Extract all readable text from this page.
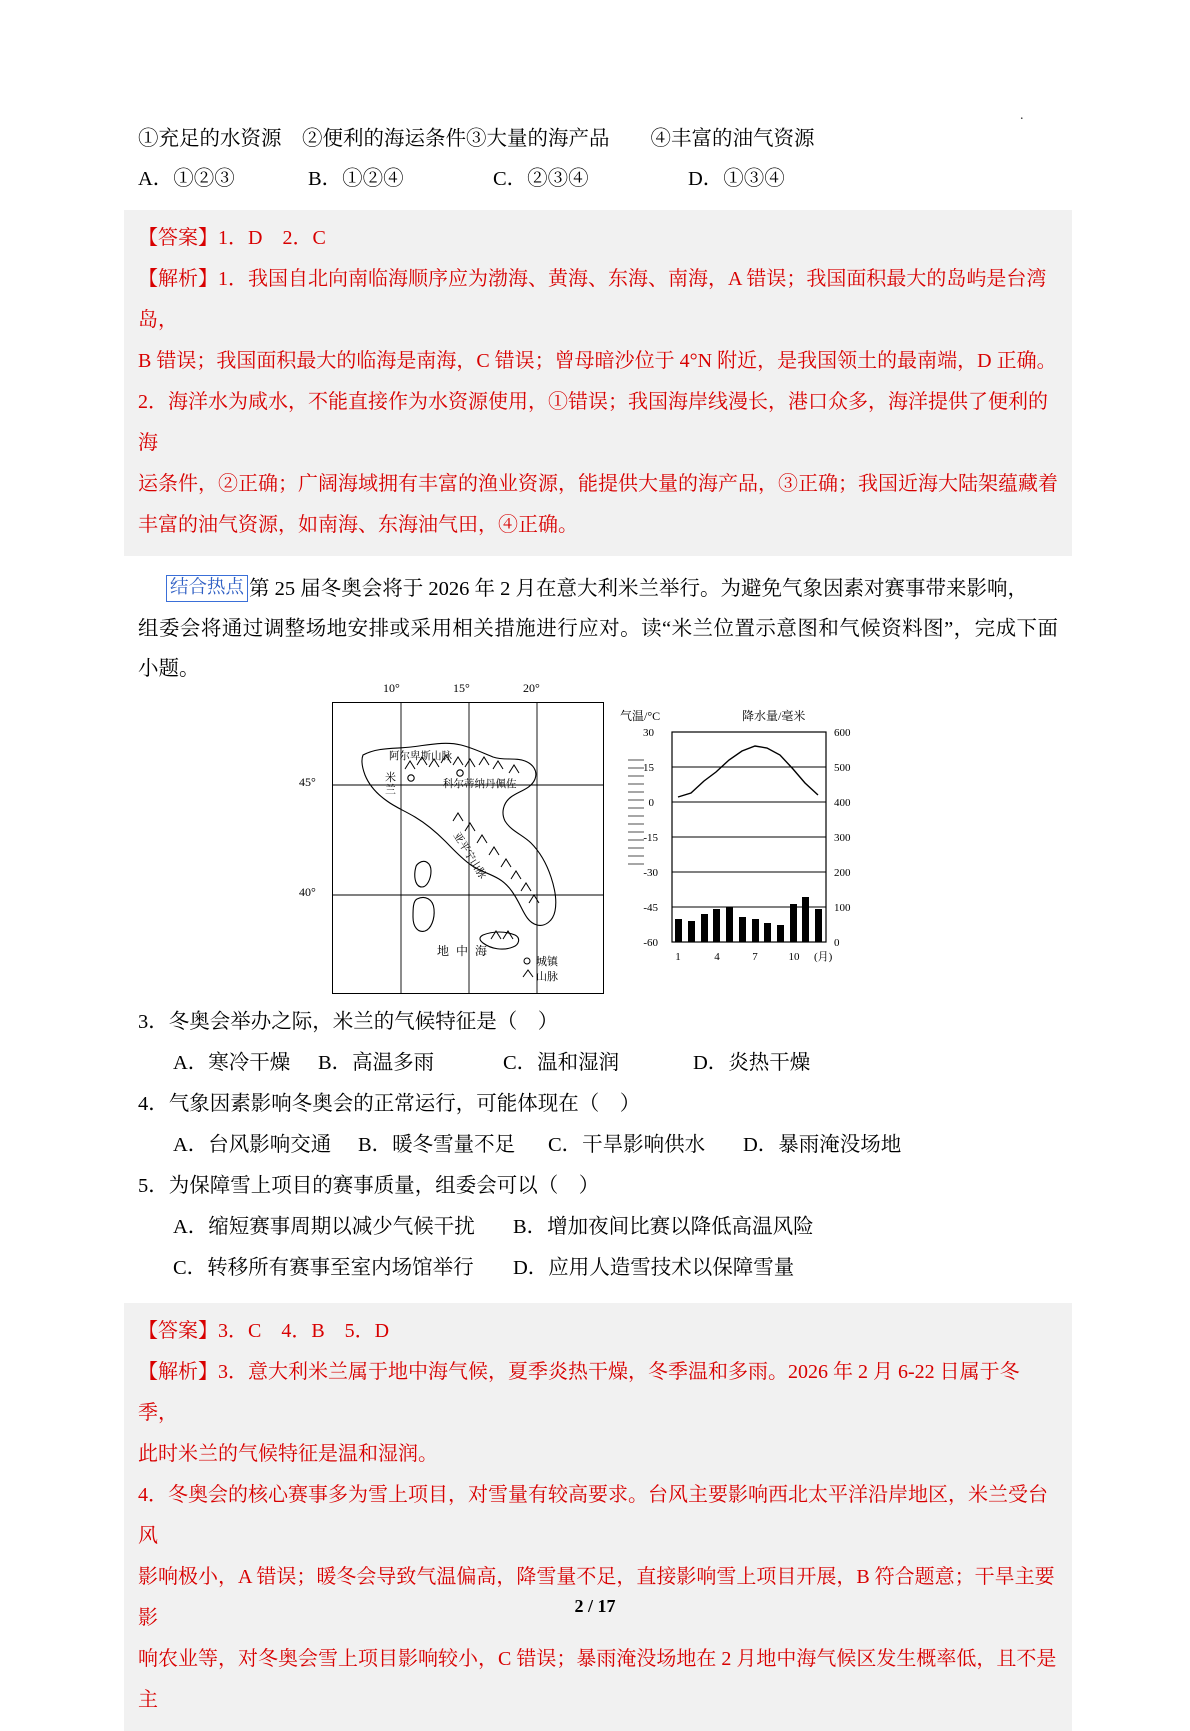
.
①充足的水资源    ②便利的海运条件③大量的海产品        ④丰富的油气资源
A．①②③	B．①②④	C．②③④	D．①③④
【答案】1．D    2．C
【解析】1．我国自北向南临海顺序应为渤海、黄海、东海、南海，A 错误；我国面积最大的岛屿是台湾岛，
B 错误；我国面积最大的临海是南海，C 错误；曾母暗沙位于 4°N 附近，是我国领土的最南端，D 正确。
2．海洋水为咸水，不能直接作为水资源使用，①错误；我国海岸线漫长，港口众多，海洋提供了便利的海
运条件，②正确；广阔海域拥有丰富的渔业资源，能提供大量的海产品，③正确；我国近海大陆架蕴藏着
丰富的油气资源，如南海、东海油气田，④正确。
结合热点 第 25 届冬奥会将于 2026 年 2 月在意大利米兰举行。为避免气象因素对赛事带来影响，
组委会将通过调整场地安排或采用相关措施进行应对。读“米兰位置示意图和气候资料图”，完成下面小题。
阿尔卑斯山脉
米
兰	科尔蒂纳丹佩佐
亚平宁山脉
地 中 海
城镇
山脉
10°	15°	20°
45°
40°
气温/°C	降水量/毫米
30
15
0
-15
-30
-45
-60
600
500
400
300
200
100
0
1	4	7	10 (月)
3．冬奥会举办之际，米兰的气候特征是（　）
A．寒冷干燥	B．高温多雨	C．温和湿润	D．炎热干燥
4．气象因素影响冬奥会的正常运行，可能体现在（　）
A．台风影响交通	B．暖冬雪量不足	C．干旱影响供水	D．暴雨淹没场地
5．为保障雪上项目的赛事质量，组委会可以（　）
A．缩短赛事周期以减少气候干扰	B．增加夜间比赛以降低高温风险
C．转移所有赛事至室内场馆举行	D．应用人造雪技术以保障雪量
【答案】3．C    4．B    5．D
【解析】3．意大利米兰属于地中海气候，夏季炎热干燥，冬季温和多雨。2026 年 2 月 6-22 日属于冬季，
此时米兰的气候特征是温和湿润。
4．冬奥会的核心赛事多为雪上项目，对雪量有较高要求。台风主要影响西北太平洋沿岸地区，米兰受台风
影响极小，A 错误；暖冬会导致气温偏高，降雪量不足，直接影响雪上项目开展，B 符合题意；干旱主要影
响农业等，对冬奥会雪上项目影响较小，C 错误；暴雨淹没场地在 2 月地中海气候区发生概率低，且不是主
2 / 17
